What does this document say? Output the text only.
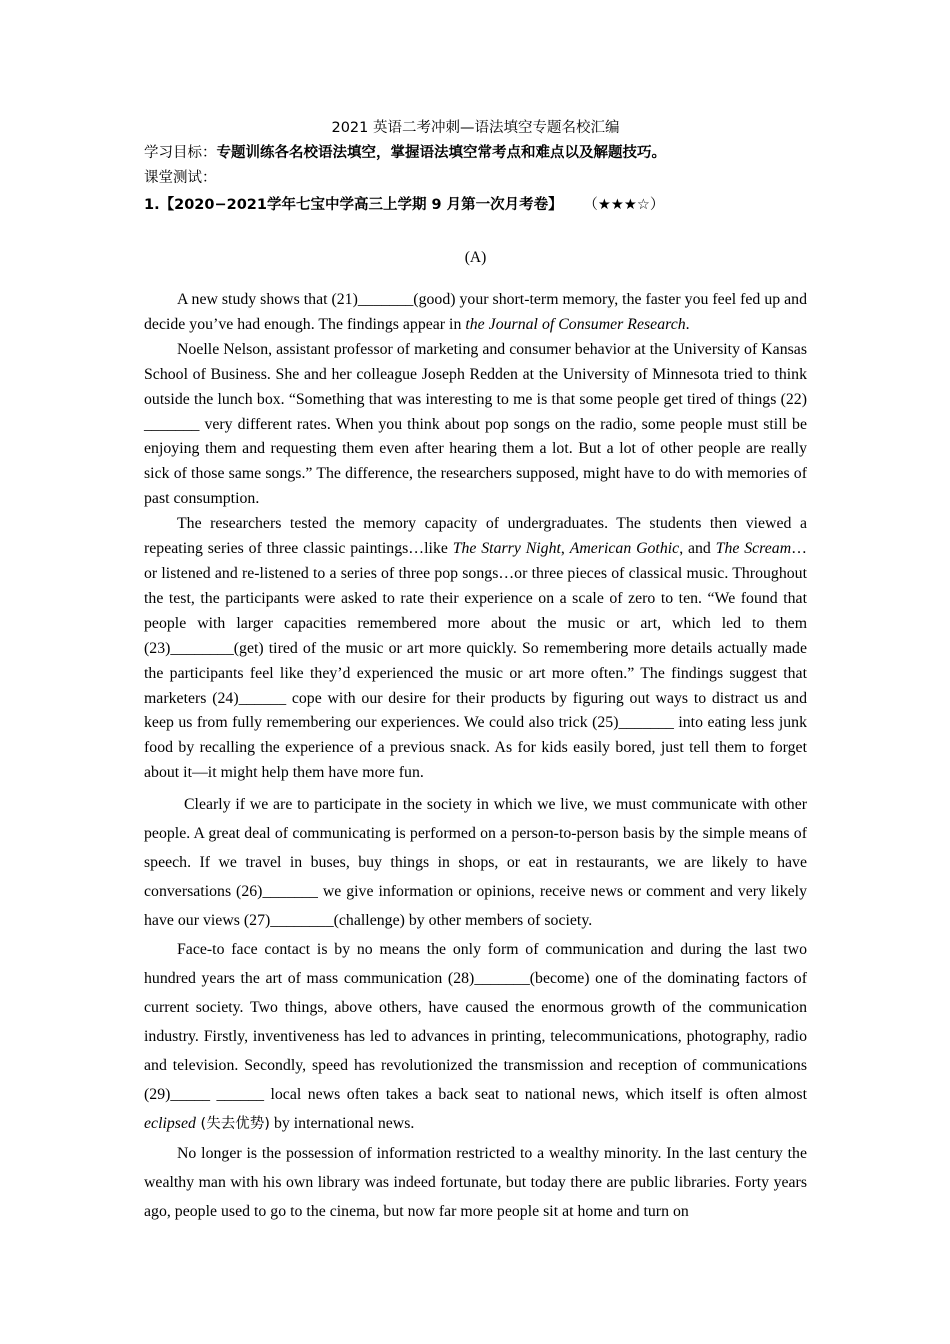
2021 英语二考冲刺—语法填空专题名校汇编
学习目标：专题训练各名校语法填空，掌握语法填空常考点和难点以及解题技巧。
课堂测试：
1.【2020−2021学年七宝中学高三上学期 9 月第一次月考卷】 （★★★☆）
(A)

A new study shows that (21)_______(good) your short-term memory, the faster you feel fed up and decide you’ve had enough. The findings appear in the Journal of Consumer Research.

Noelle Nelson, assistant professor of marketing and consumer behavior at the University of Kansas School of Business. She and her colleague Joseph Redden at the University of Minnesota tried to think outside the lunch box. “Something that was interesting to me is that some people get tired of things (22) _______ very different rates. When you think about pop songs on the radio, some people must still be enjoying them and requesting them even after hearing them a lot. But a lot of other people are really sick of those same songs.” The difference, the researchers supposed, might have to do with memories of past consumption.

The researchers tested the memory capacity of undergraduates. The students then viewed a repeating series of three classic paintings…like The Starry Night, American Gothic, and The Scream…or listened and re-listened to a series of three pop songs…or three pieces of classical music. Throughout the test, the participants were asked to rate their experience on a scale of zero to ten. “We found that people with larger capacities remembered more about the music or art, which led to them (23)________(get) tired of the music or art more quickly. So remembering more details actually made the participants feel like they’d experienced the music or art more often.” The findings suggest that marketers (24)______ cope with our desire for their products by figuring out ways to distract us and keep us from fully remembering our experiences. We could also trick (25)_______ into eating less junk food by recalling the experience of a previous snack. As for kids easily bored, just tell them to forget about it—it might help them have more fun.

Clearly if we are to participate in the society in which we live, we must communicate with other people. A great deal of communicating is performed on a person-to-person basis by the simple means of speech. If we travel in buses, buy things in shops, or eat in restaurants, we are likely to have conversations (26)_______ we give information or opinions, receive news or comment and very likely have our views (27)________(challenge) by other members of society.

Face-to face contact is by no means the only form of communication and during the last two hundred years the art of mass communication (28)_______(become) one of the dominating factors of current society. Two things, above others, have caused the enormous growth of the communication industry. Firstly, inventiveness has led to advances in printing, telecommunications, photography, radio and television. Secondly, speed has revolutionized the transmission and reception of communications (29)_____ ______ local news often takes a back seat to national news, which itself is often almost eclipsed (失去优势) by international news.

No longer is the possession of information restricted to a wealthy minority. In the last century the wealthy man with his own library was indeed fortunate, but today there are public libraries. Forty years ago, people used to go to the cinema, but now far more people sit at home and turn on
